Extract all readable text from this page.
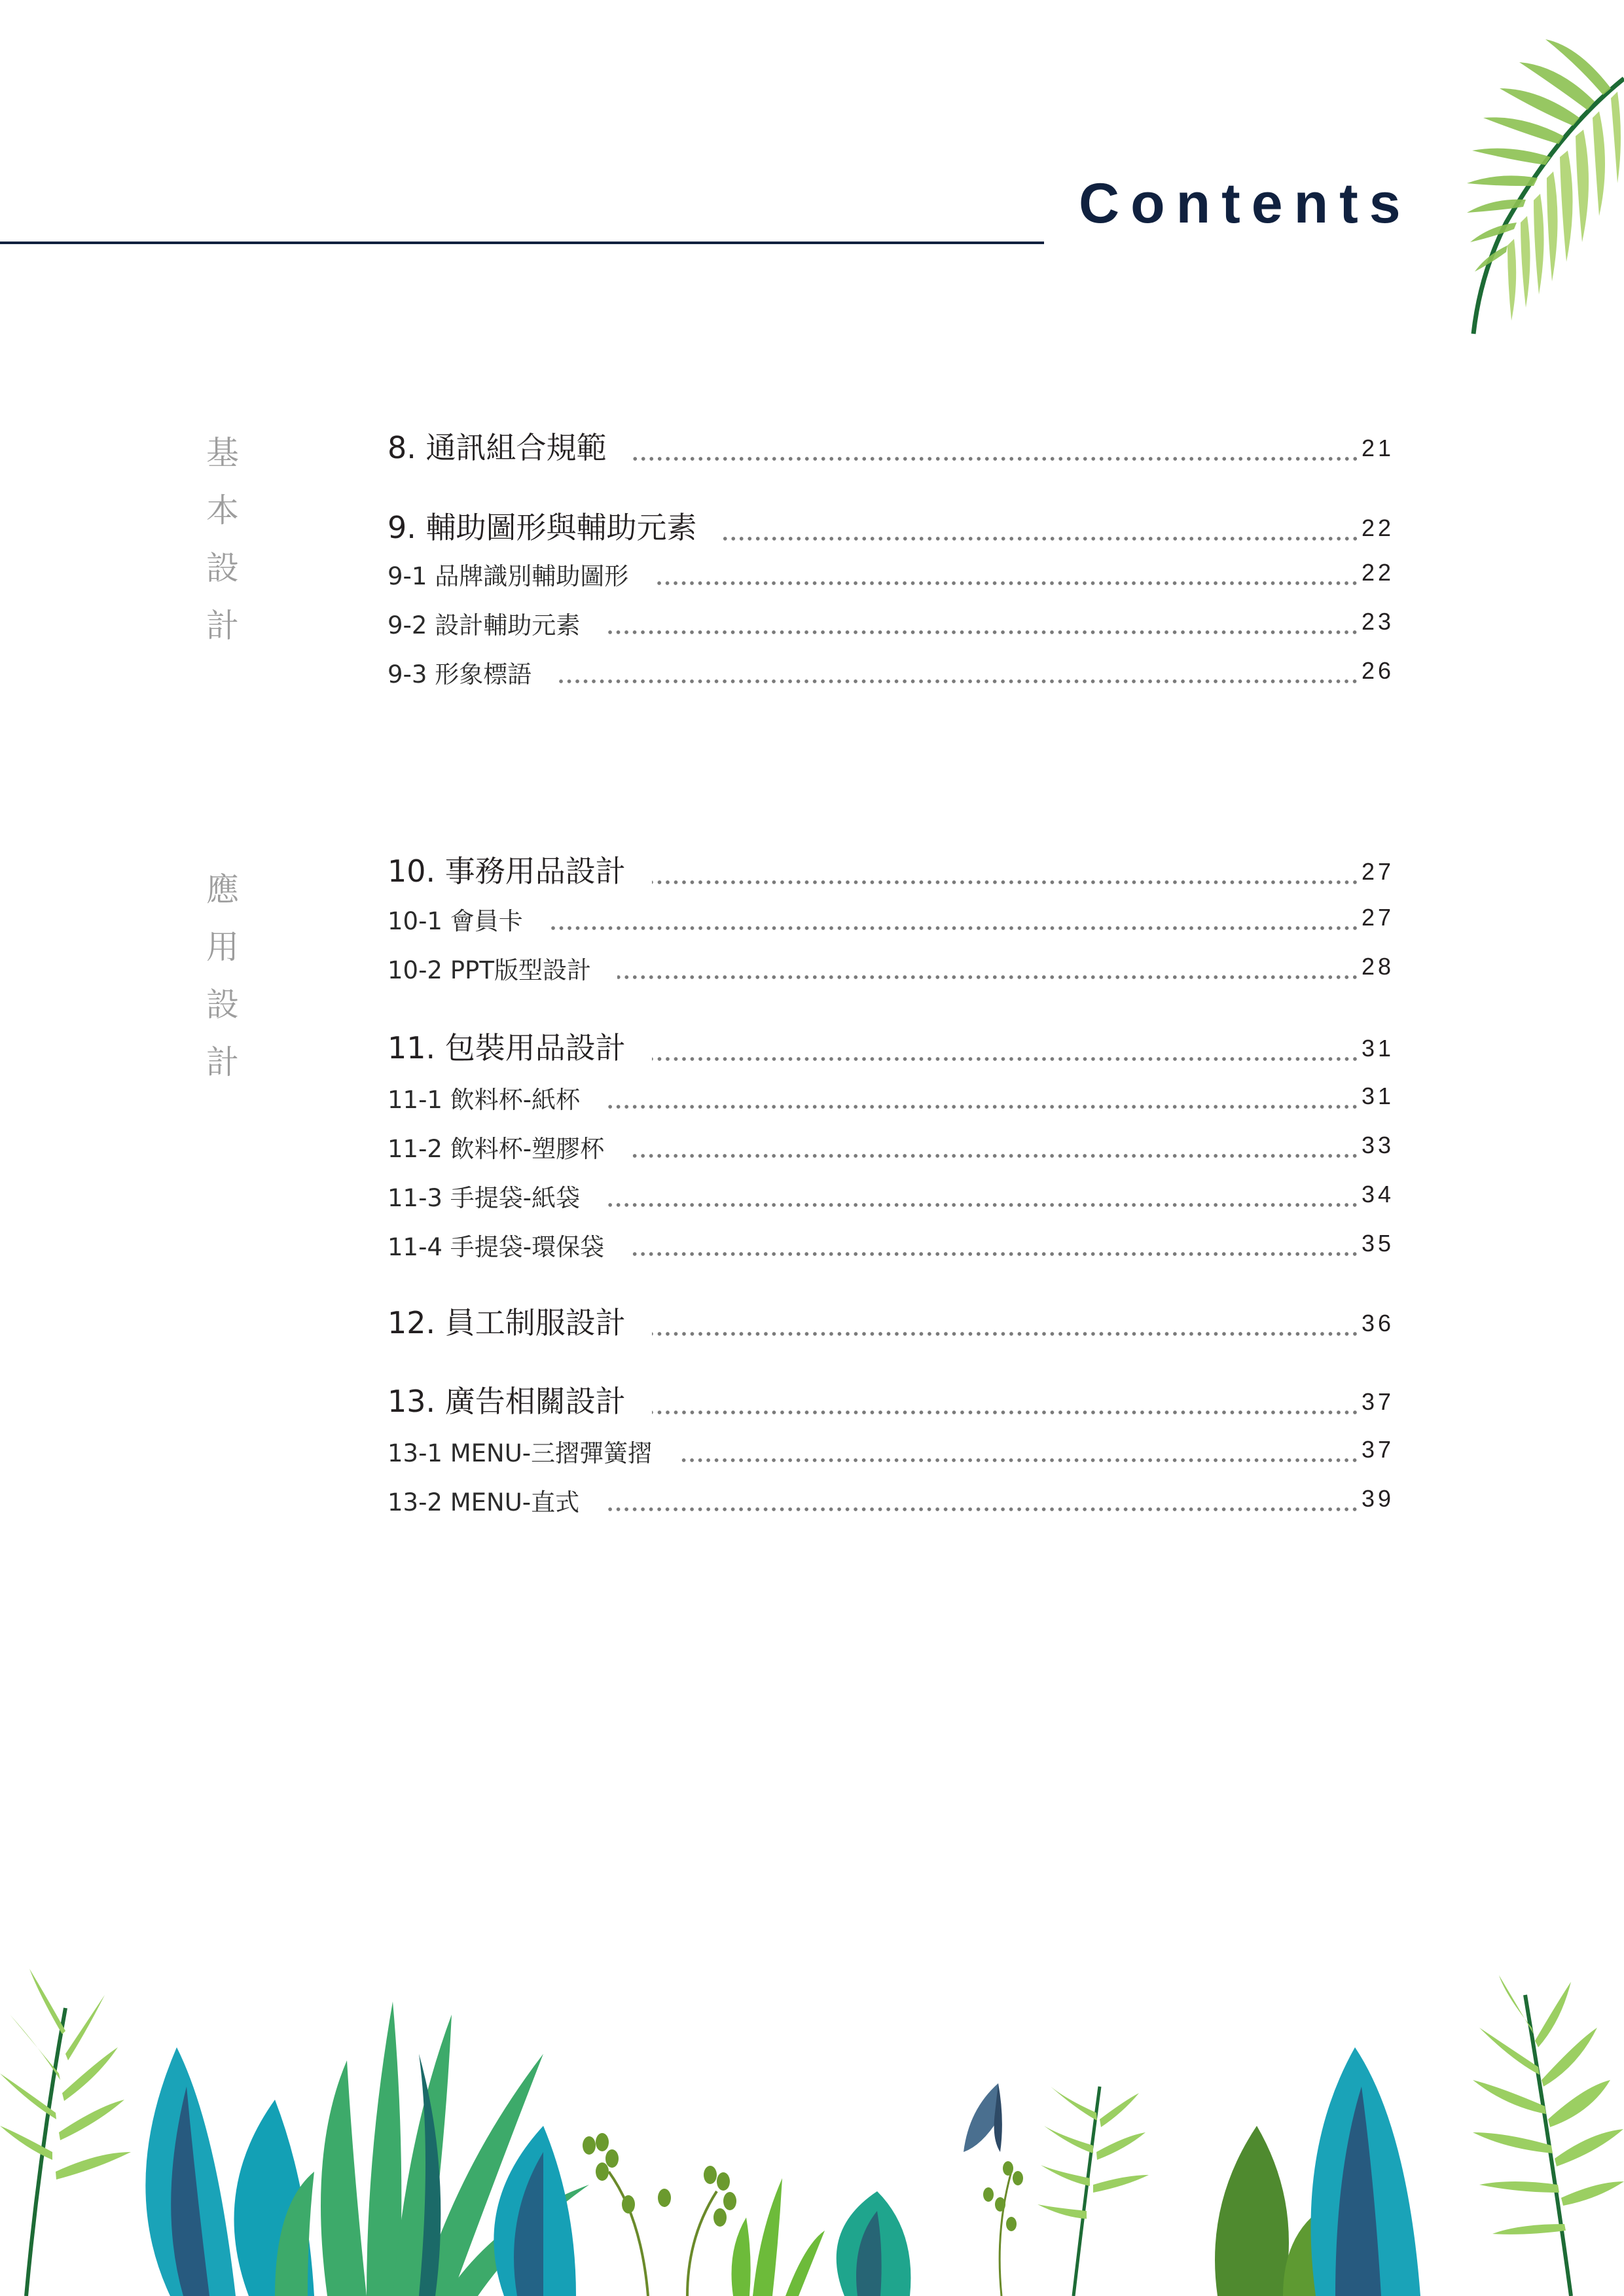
Contents
基
本
設
計
8. 通訊組合規範	21
9. 輔助圖形與輔助元素	22
9-1 品牌識別輔助圖形	22
9-2 設計輔助元素	23
9-3 形象標語	26
應
用
設
計
10. 事務用品設計	27
10-1 會員卡	27
10-2 PPT版型設計	28
11. 包裝用品設計	31
11-1 飲料杯-紙杯	31
11-2 飲料杯-塑膠杯	33
11-3 手提袋-紙袋	34
11-4 手提袋-環保袋	35
12. 員工制服設計	36
13. 廣告相關設計	37
13-1 MENU-三摺彈簧摺	37
13-2 MENU-直式	39
